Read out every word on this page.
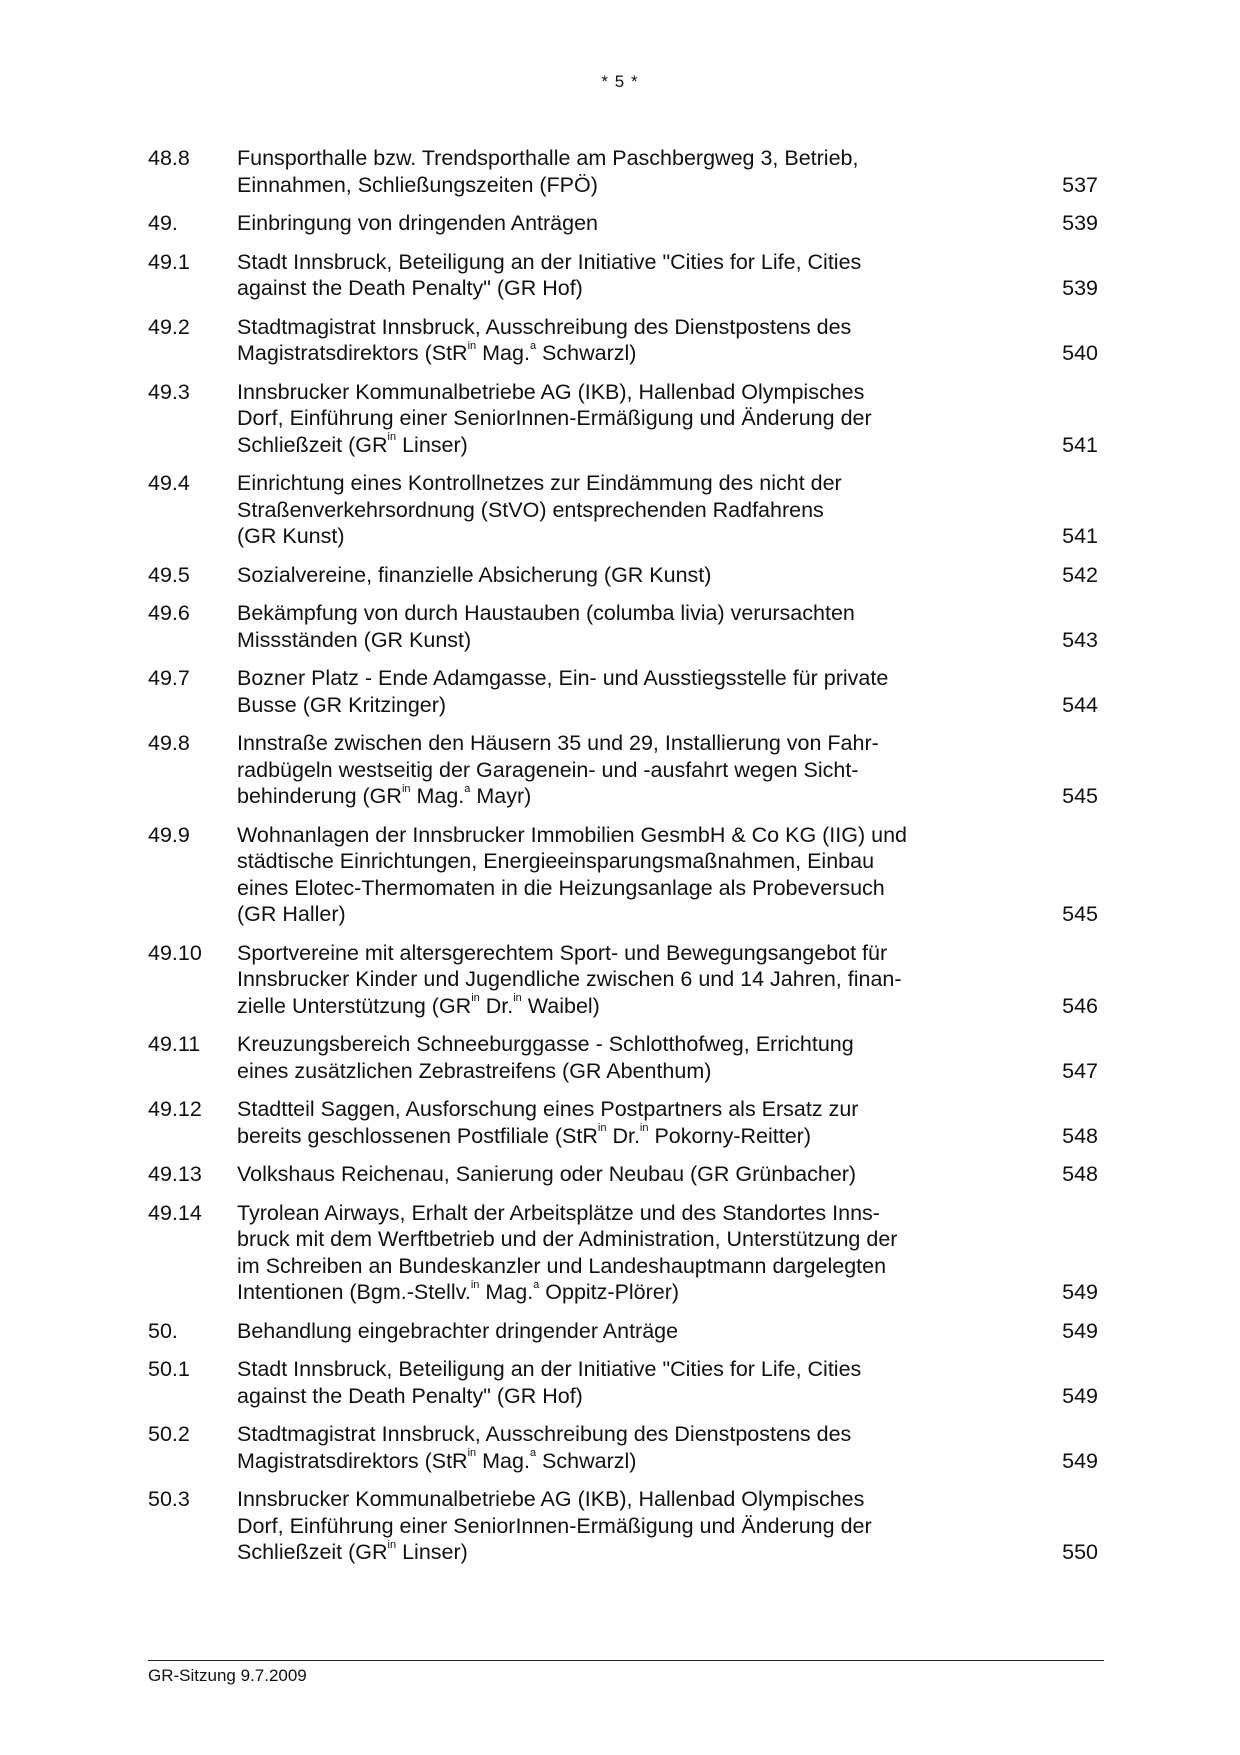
* 5 *
48.8 Funsporthalle bzw. Trendsporthalle am Paschbergweg 3, Betrieb,
Einnahmen, Schließungszeiten (FPÖ)	537
49.	Einbringung von dringenden Anträgen	539
49.1 Stadt Innsbruck, Beteiligung an der Initiative "Cities for Life, Cities
against the Death Penalty" (GR Hof)	539
49.2 Stadtmagistrat Innsbruck, Ausschreibung des Dienstpostens des
Magistratsdirektors (StR$^{in}$ Mag.$^a$ Schwarzl)	540
49.3 Innsbrucker Kommunalbetriebe AG (IKB), Hallenbad Olympisches
Dorf, Einführung einer SeniorInnen-Ermäßigung und Änderung der
Schließzeit ($GR^{in}$ Linser)	541
49.4 Einrichtung eines Kontrollnetzes zur Eindämmung des nicht der
Straßenverkehrsordnung (StVO) entsprechenden Radfahrens
(GR Kunst)	541
49.5 Sozialvereine, finanzielle Absicherung (GR Kunst)	542
49.6 Bekämpfung von durch Haustauben (columba livia) verursachten
Missständen (GR Kunst)	543
49.7 Bozner Platz - Ende Adamgasse, Ein- und Ausstiegsstelle für private
Busse (GR Kritzinger)	544
49.8 Innstraße zwischen den Häusern 35 und 29, Installierung von Fahr-
radbügeln westseitig der Garagenein- und -ausfahrt wegen Sicht-
behinderung ($GR^{in}$ Mag.$^a$ Mayr)	545
49.9 Wohnanlagen der Innsbrucker Immobilien GesmbH & Co KG (IIG) und
städtische Einrichtungen, Energieeinsparungsmaßnahmen, Einbau
eines Elotec-Thermomaten in die Heizungsanlage als Probeversuch
(GR Haller)	545
49.10 Sportvereine mit altersgerechtem Sport- und Bewegungsangebot für
Innsbrucker Kinder und Jugendliche zwischen 6 und 14 Jahren, finan-
zielle Unterstützung ($GR^{in}$ Dr.$^{in}$ Waibel)	546
49.11 Kreuzungsbereich Schneeburggasse - Schlotthofweg, Errichtung
eines zusätzlichen Zebrastreifens (GR Abenthum)	547
49.12 Stadtteil Saggen, Ausforschung eines Postpartners als Ersatz zur
bereits geschlossenen Postfiliale (StR$^{in}$ Dr.$^{in}$ Pokorny-Reitter)	548
49.13 Volkshaus Reichenau, Sanierung oder Neubau (GR Grünbacher)	548
49.14 Tyrolean Airways, Erhalt der Arbeitsplätze und des Standortes Inns-
bruck mit dem Werftbetrieb und der Administration, Unterstützung der
im Schreiben an Bundeskanzler und Landeshauptmann dargelegten
Intentionen (Bgm.-Stellv.$^{in}$ Mag.$^a$ Oppitz-Plörer)	549
50.	Behandlung eingebrachter dringender Anträge	549
50.1 Stadt Innsbruck, Beteiligung an der Initiative "Cities for Life, Cities
against the Death Penalty" (GR Hof)	549
50.2 Stadtmagistrat Innsbruck, Ausschreibung des Dienstpostens des
Magistratsdirektors (StR$^{in}$ Mag.$^a$ Schwarzl)	549
50.3 Innsbrucker Kommunalbetriebe AG (IKB), Hallenbad Olympisches
Dorf, Einführung einer SeniorInnen-Ermäßigung und Änderung der
Schließzeit ($GR^{in}$ Linser)	550
GR-Sitzung 9.7.2009
